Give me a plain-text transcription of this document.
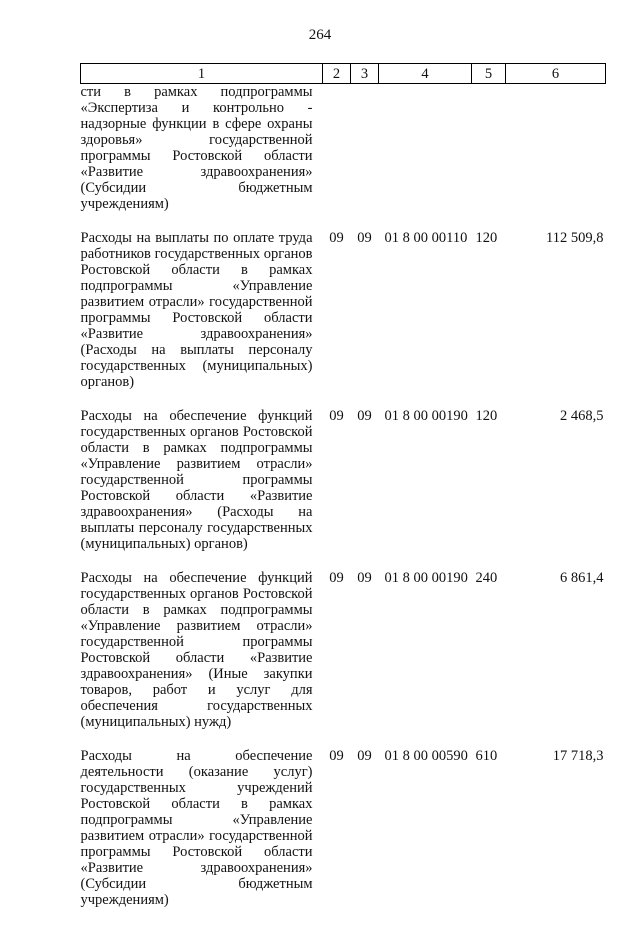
264
1	2	3	4	5	6
сти в рамках подпрограммы «Экспертиза и контрольно - надзорные функции в сфере охраны здоровья» государственной программы Ростовской области «Развитие здравоохранения» (Субсидии бюджетным учреждениям)					
Расходы на выплаты по оплате труда работников государственных органов Ростовской области в рамках подпрограммы «Управление развитием отрасли» государственной программы Ростовской области «Развитие здравоохранения» (Расходы на выплаты персоналу государственных (муниципальных) органов)	09	09	01 8 00 00110	120	112 509,8
Расходы на обеспечение функций государственных органов Ростовской области в рамках подпрограммы «Управление развитием отрасли» государственной программы Ростовской области «Развитие здравоохранения» (Расходы на выплаты персоналу государственных (муниципальных) органов)	09	09	01 8 00 00190	120	2 468,5
Расходы на обеспечение функций государственных органов Ростовской области в рамках подпрограммы «Управление развитием отрасли» государственной программы Ростовской области «Развитие здравоохранения» (Иные закупки товаров, работ и услуг для обеспечения государственных (муниципальных) нужд)	09	09	01 8 00 00190	240	6 861,4
Расходы на обеспечение деятельности (оказание услуг) государственных учреждений Ростовской области в рамках подпрограммы «Управление развитием отрасли» государственной программы Ростовской области «Развитие здравоохранения» (Субсидии бюджетным учреждениям)	09	09	01 8 00 00590	610	17 718,3
